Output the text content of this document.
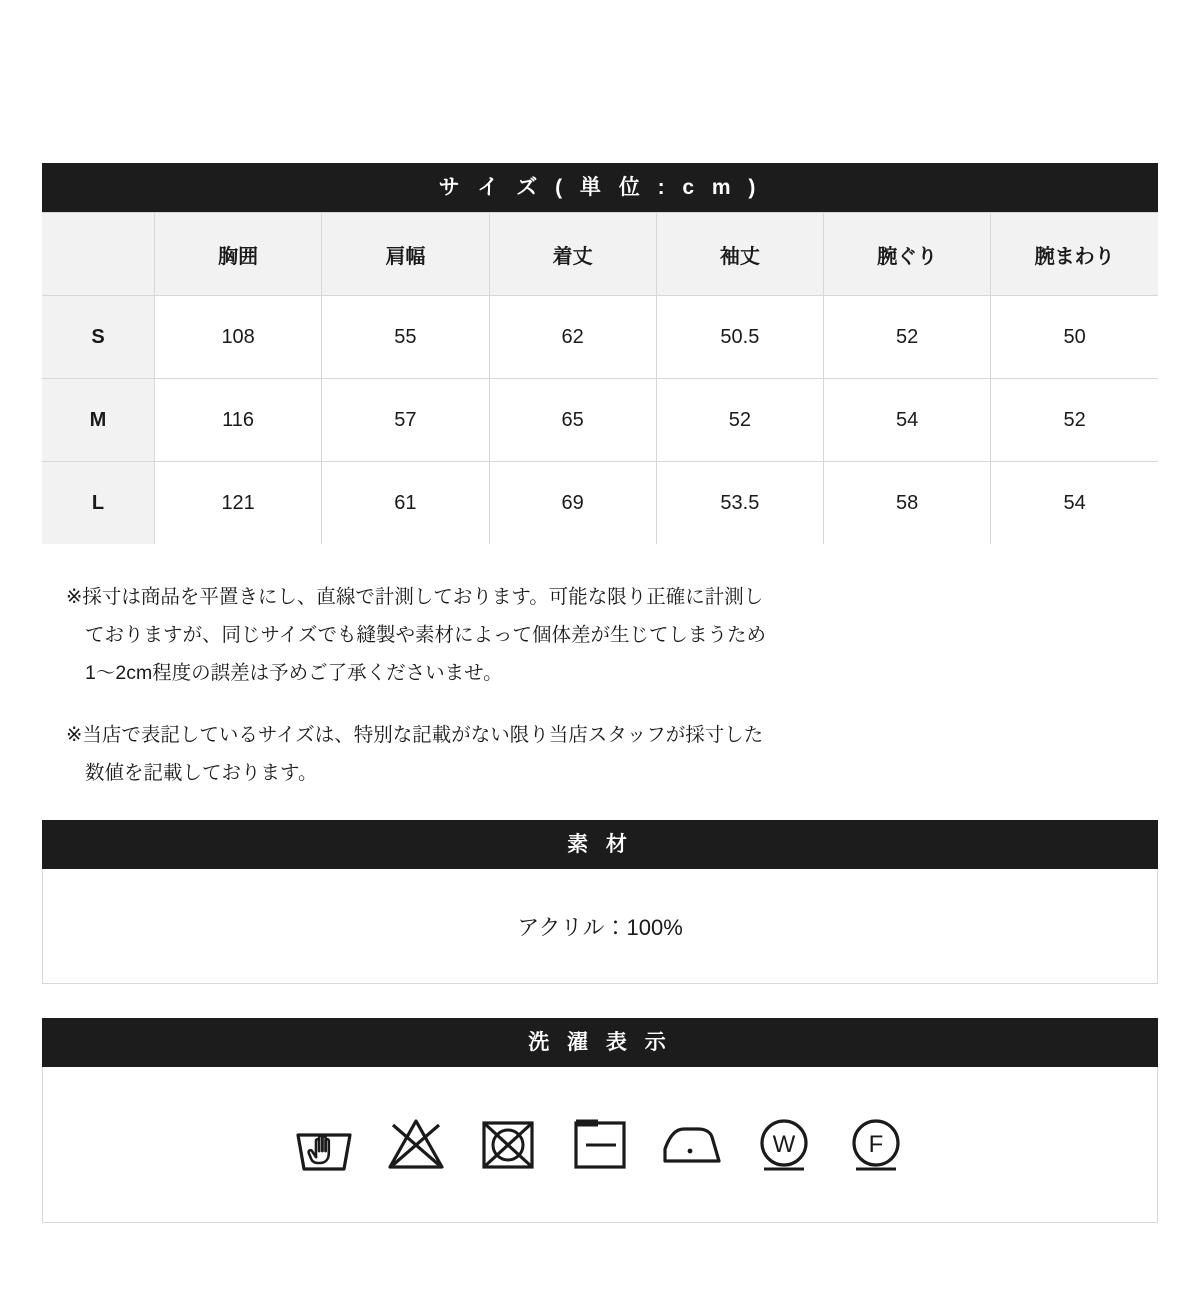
サ イ ズ ( 単 位 : c m )
	胸囲	肩幅	着丈	袖丈	腕ぐり	腕まわり
S	108	55	62	50.5	52	50
M	116	57	65	52	54	52
L	121	61	69	53.5	58	54
※採寸は商品を平置きにし、直線で計測しております。可能な限り正確に計測し
ておりますが、同じサイズでも縫製や素材によって個体差が生じてしまうため
1〜2cm程度の誤差は予めご了承くださいませ。
※当店で表記しているサイズは、特別な記載がない限り当店スタッフが採寸した
数値を記載しております。
素 材
アクリル：100%
洗 濯 表 示
W	F
